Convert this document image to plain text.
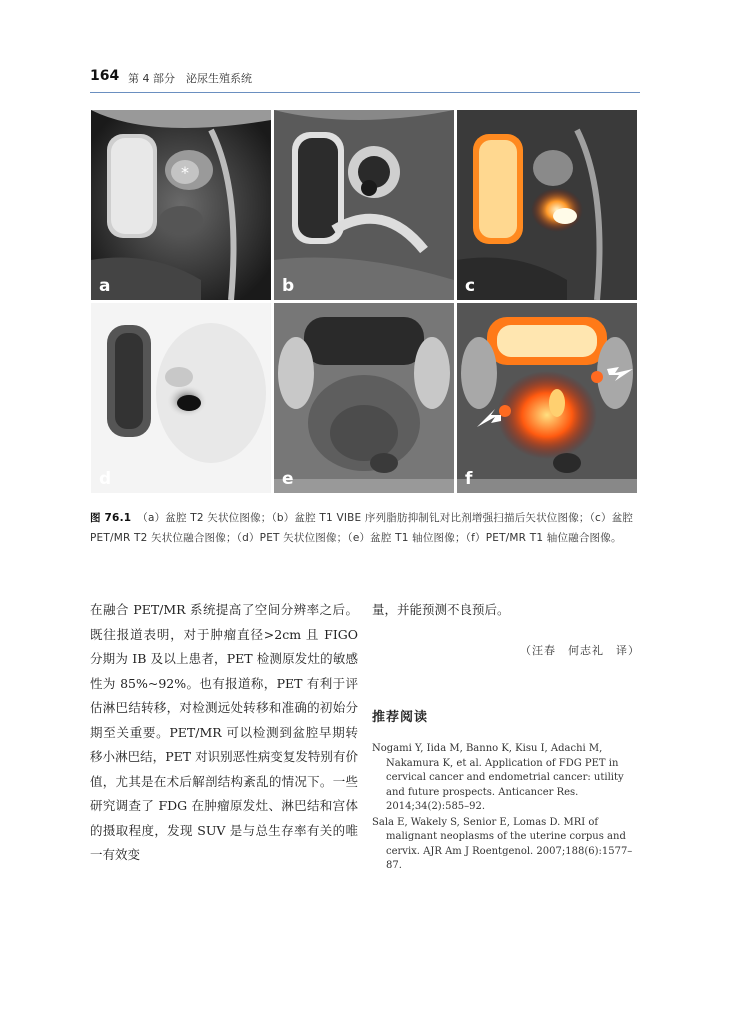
164 第 4 部分　泌尿生殖系统
*
a	b	c
d	e	f
图 76.1 （a）盆腔 T2 矢状位图像；（b）盆腔 T1 VIBE 序列脂肪抑制钆对比剂增强扫描后矢状位图像；（c）盆腔 PET/MR T2 矢状位融合图像；（d）PET 矢状位图像；（e）盆腔 T1 轴位图像；（f）PET/MR T1 轴位融合图像。

在融合 PET/MR 系统提高了空间分辨率之后。既往报道表明，对于肿瘤直径>2cm 且 FIGO 分期为 ⅠB 及以上患者，PET 检测原发灶的敏感性为 85%~92%。也有报道称，PET 有利于评估淋巴结转移，对检测远处转移和准确的初始分期至关重要。PET/MR 可以检测到盆腔早期转移小淋巴结，PET 对识别恶性病变复发特别有价值，尤其是在术后解剖结构紊乱的情况下。一些研究调查了 FDG 在肿瘤原发灶、淋巴结和宫体的摄取程度，发现 SUV 是与总生存率有关的唯一有效变

量，并能预测不良预后。

（汪春　何志礼　译）
推荐阅读

Nogami Y, Iida M, Banno K, Kisu I, Adachi M, Nakamura K, et al. Application of FDG PET in cervical cancer and endometrial cancer: utility and future prospects. Anticancer Res. 2014;34(2):585–92.

Sala E, Wakely S, Senior E, Lomas D. MRI of malignant neoplasms of the uterine corpus and cervix. AJR Am J Roentgenol. 2007;188(6):1577–87.
